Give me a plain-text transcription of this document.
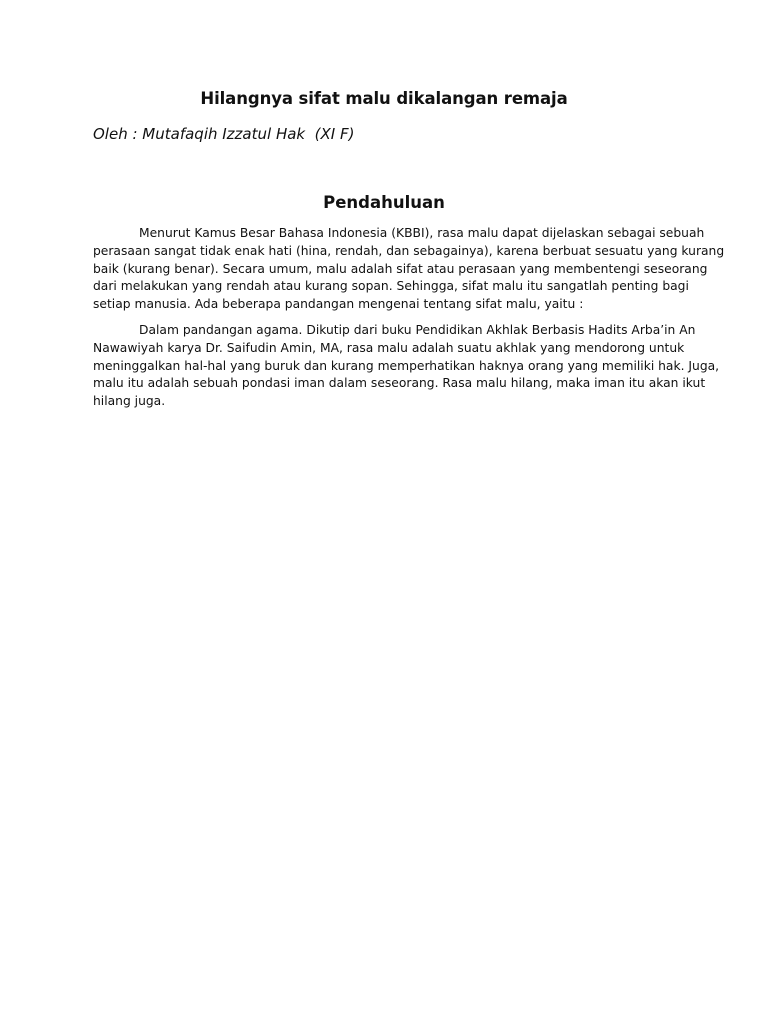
Hilangnya sifat malu dikalangan remaja

Oleh : Mutafaqih Izzatul Hak  (XI F)

Pendahuluan

Menurut Kamus Besar Bahasa Indonesia (KBBI), rasa malu dapat dijelaskan sebagai sebuah
perasaan sangat tidak enak hati (hina, rendah, dan sebagainya), karena berbuat sesuatu yang kurang
baik (kurang benar). Secara umum, malu adalah sifat atau perasaan yang membentengi seseorang
dari melakukan yang rendah atau kurang sopan. Sehingga, sifat malu itu sangatlah penting bagi
setiap manusia. Ada beberapa pandangan mengenai tentang sifat malu, yaitu :

Dalam pandangan agama. Dikutip dari buku Pendidikan Akhlak Berbasis Hadits Arba’in An
Nawawiyah karya Dr. Saifudin Amin, MA, rasa malu adalah suatu akhlak yang mendorong untuk
meninggalkan hal-hal yang buruk dan kurang memperhatikan haknya orang yang memiliki hak. Juga,
malu itu adalah sebuah pondasi iman dalam seseorang. Rasa malu hilang, maka iman itu akan ikut
hilang juga.
